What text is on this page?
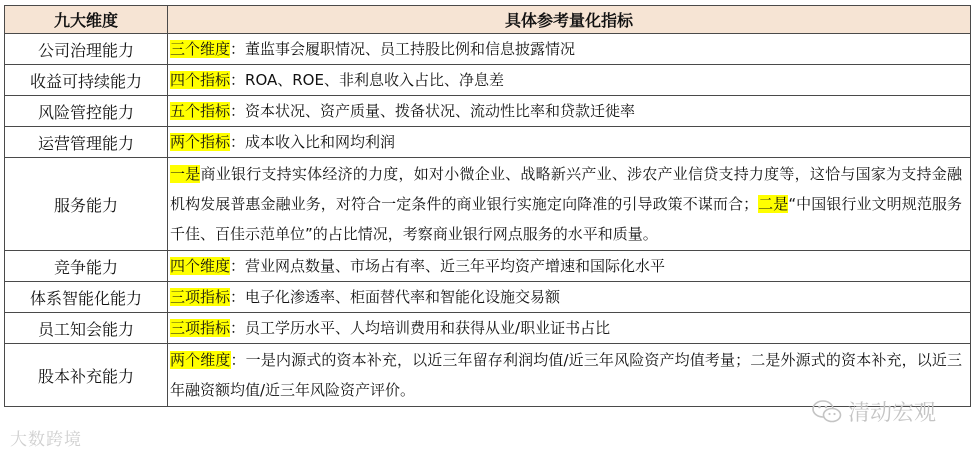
九大维度	具体参考量化指标
公司治理能力	三个维度：董监事会履职情况、员工持股比例和信息披露情况
收益可持续能力	四个指标：ROA、ROE、非利息收入占比、净息差
风险管控能力	五个指标：资本状况、资产质量、拨备状况、流动性比率和贷款迁徙率
运营管理能力	两个指标：成本收入比和网均利润
服务能力	一是商业银行支持实体经济的力度，如对小微企业、战略新兴产业、涉农产业信贷支持力度等，这恰与国家为支持金融机构发展普惠金融业务，对符合一定条件的商业银行实施定向降准的引导政策不谋而合；二是“中国银行业文明规范服务千佳、百佳示范单位”的占比情况，考察商业银行网点服务的水平和质量。
竞争能力	四个维度：营业网点数量、市场占有率、近三年平均资产增速和国际化水平
体系智能化能力	三项指标：电子化渗透率、柜面替代率和智能化设施交易额
员工知会能力	三项指标：员工学历水平、人均培训费用和获得从业/职业证书占比
股本补充能力	两个维度：一是内源式的资本补充，以近三年留存利润均值/近三年风险资产均值考量；二是外源式的资本补充，以近三年融资额均值/近三年风险资产评价。
大数跨境
清动宏观
